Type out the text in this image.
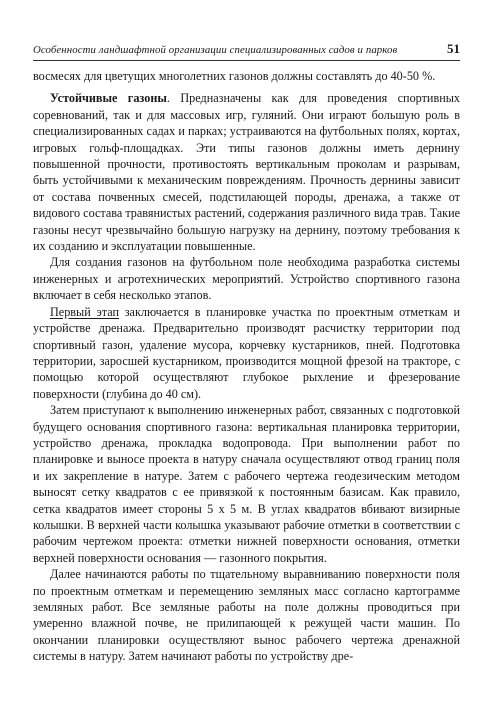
Особенности ландшафтной организации специализированных садов и парков	51

восмесях для цветущих многолетних газонов должны составлять до 40-50 %.

Устойчивые газоны. Предназначены как для проведения спортивных соревнований, так и для массовых игр, гуляний. Они играют большую роль в специализированных садах и парках; устраиваются на футбольных полях, кортах, игровых гольф-площадках. Эти типы газонов должны иметь дернину повышенной прочности, противостоять вертикальным проколам и разрывам, быть устойчивыми к механическим повреждениям. Прочность дернины зависит от состава почвенных смесей, подстилающей породы, дренажа, а также от видового состава травянистых растений, содержания различного вида трав. Такие газоны несут чрезвычайно большую нагрузку на дернину, поэтому требования к их созданию и эксплуатации повышенные.

Для создания газонов на футбольном поле необходима разработка системы инженерных и агротехнических мероприятий. Устройство спортивного газона включает в себя несколько этапов.

Первый этап заключается в планировке участка по проектным отметкам и устройстве дренажа. Предварительно производят расчистку территории под спортивный газон, удаление мусора, корчевку кустарников, пней. Подготовка территории, заросшей кустарником, производится мощной фрезой на тракторе, с помощью которой осуществляют глубокое рыхление и фрезерование поверхности (глубина до 40 см).

Затем приступают к выполнению инженерных работ, связанных с подготовкой будущего основания спортивного газона: вертикальная планировка территории, устройство дренажа, прокладка водопровода. При выполнении работ по планировке и выносе проекта в натуру сначала осуществляют отвод границ поля и их закрепление в натуре. Затем с рабочего чертежа геодезическим методом выносят сетку квадратов с ее привязкой к постоянным базисам. Как правило, сетка квадратов имеет стороны 5 х 5 м. В углах квадратов вбивают визирные колышки. В верхней части колышка указывают рабочие отметки в соответствии с рабочим чертежом проекта: отметки нижней поверхности основания, отметки верхней поверхности основания — газонного покрытия.

Далее начинаются работы по тщательному выравниванию поверхности поля по проектным отметкам и перемещению земляных масс согласно картограмме земляных работ. Все земляные работы на поле должны проводиться при умеренно влажной почве, не прилипающей к режущей части машин. По окончании планировки осуществляют вынос рабочего чертежа дренажной системы в натуру. Затем начинают работы по устройству дре-
